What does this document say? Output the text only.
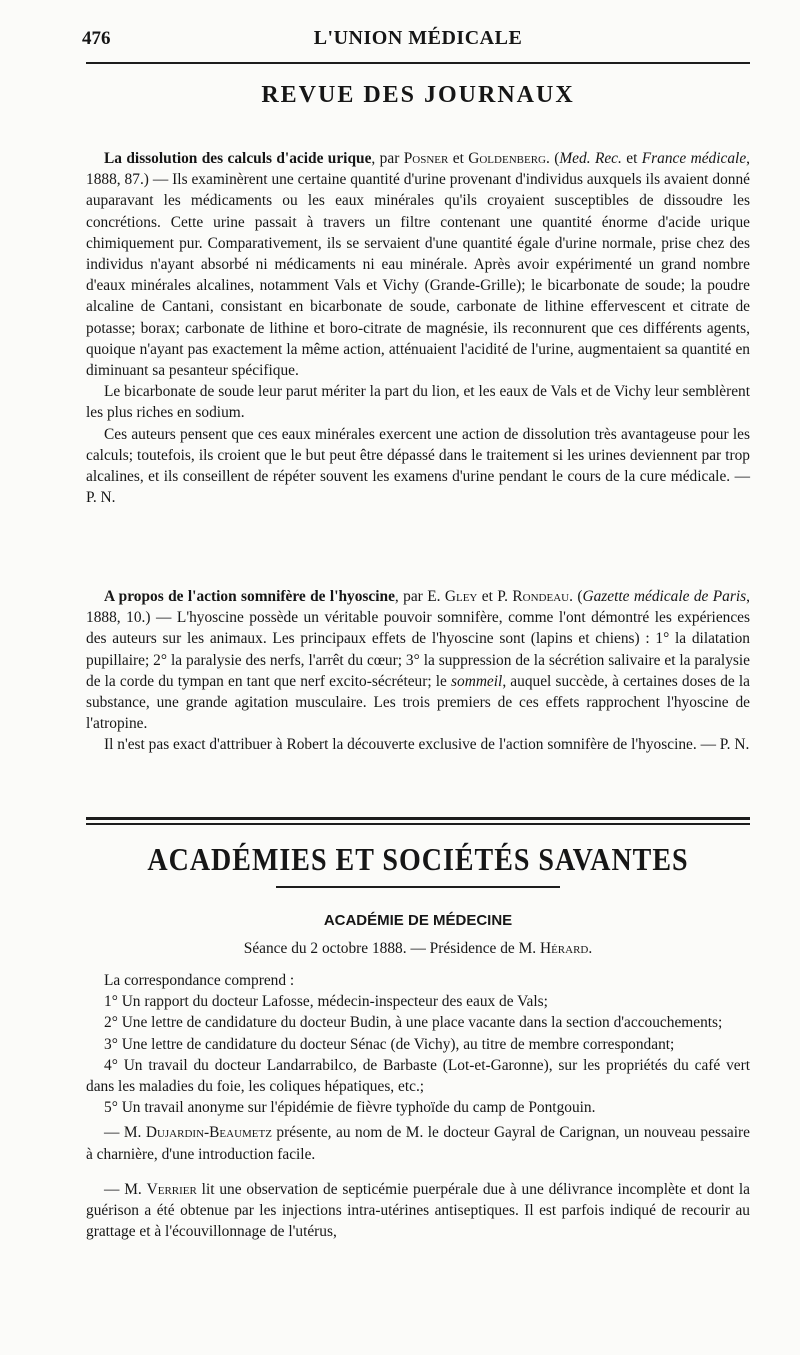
476	L'UNION MÉDICALE
REVUE DES JOURNAUX

La dissolution des calculs d'acide urique, par Posner et Goldenberg. (Med. Rec. et France médicale, 1888, 87.) — Ils examinèrent une certaine quantité d'urine provenant d'individus auxquels ils avaient donné auparavant les médicaments ou les eaux minérales qu'ils croyaient susceptibles de dissoudre les concrétions. Cette urine passait à travers un filtre contenant une quantité énorme d'acide urique chimiquement pur. Comparativement, ils se servaient d'une quantité égale d'urine normale, prise chez des individus n'ayant absorbé ni médicaments ni eau minérale. Après avoir expérimenté un grand nombre d'eaux minérales alcalines, notamment Vals et Vichy (Grande-Grille); le bicarbonate de soude; la poudre alcaline de Cantani, consistant en bicarbonate de soude, carbonate de lithine effervescent et citrate de potasse; borax; carbonate de lithine et boro-citrate de magnésie, ils reconnurent que ces différents agents, quoique n'ayant pas exactement la même action, atténuaient l'acidité de l'urine, augmentaient sa quantité en diminuant sa pesanteur spécifique.

Le bicarbonate de soude leur parut mériter la part du lion, et les eaux de Vals et de Vichy leur semblèrent les plus riches en sodium.

Ces auteurs pensent que ces eaux minérales exercent une action de dissolution très avantageuse pour les calculs; toutefois, ils croient que le but peut être dépassé dans le traitement si les urines deviennent par trop alcalines, et ils conseillent de répéter souvent les examens d'urine pendant le cours de la cure médicale. — P. N.

A propos de l'action somnifère de l'hyoscine, par E. Gley et P. Rondeau. (Gazette médicale de Paris, 1888, 10.) — L'hyoscine possède un véritable pouvoir somnifère, comme l'ont démontré les expériences des auteurs sur les animaux. Les principaux effets de l'hyoscine sont (lapins et chiens) : 1° la dilatation pupillaire; 2° la paralysie des nerfs, l'arrêt du cœur; 3° la suppression de la sécrétion salivaire et la paralysie de la corde du tympan en tant que nerf excito-sécréteur; le sommeil, auquel succède, à certaines doses de la substance, une grande agitation musculaire. Les trois premiers de ces effets rapprochent l'hyoscine de l'atropine.

Il n'est pas exact d'attribuer à Robert la découverte exclusive de l'action somnifère de l'hyoscine. — P. N.

ACADÉMIES ET SOCIÉTÉS SAVANTES
ACADÉMIE DE MÉDECINE
Séance du 2 octobre 1888. — Présidence de M. Hérard.

La correspondance comprend :

1° Un rapport du docteur Lafosse, médecin-inspecteur des eaux de Vals;

2° Une lettre de candidature du docteur Budin, à une place vacante dans la section d'accouchements;

3° Une lettre de candidature du docteur Sénac (de Vichy), au titre de membre correspondant;

4° Un travail du docteur Landarrabilco, de Barbaste (Lot-et-Garonne), sur les propriétés du café vert dans les maladies du foie, les coliques hépatiques, etc.;

5° Un travail anonyme sur l'épidémie de fièvre typhoïde du camp de Pontgouin.

— M. Dujardin-Beaumetz présente, au nom de M. le docteur Gayral de Carignan, un nouveau pessaire à charnière, d'une introduction facile.

— M. Verrier lit une observation de septicémie puerpérale due à une délivrance incomplète et dont la guérison a été obtenue par les injections intra-utérines antiseptiques. Il est parfois indiqué de recourir au grattage et à l'écouvillonnage de l'utérus,
